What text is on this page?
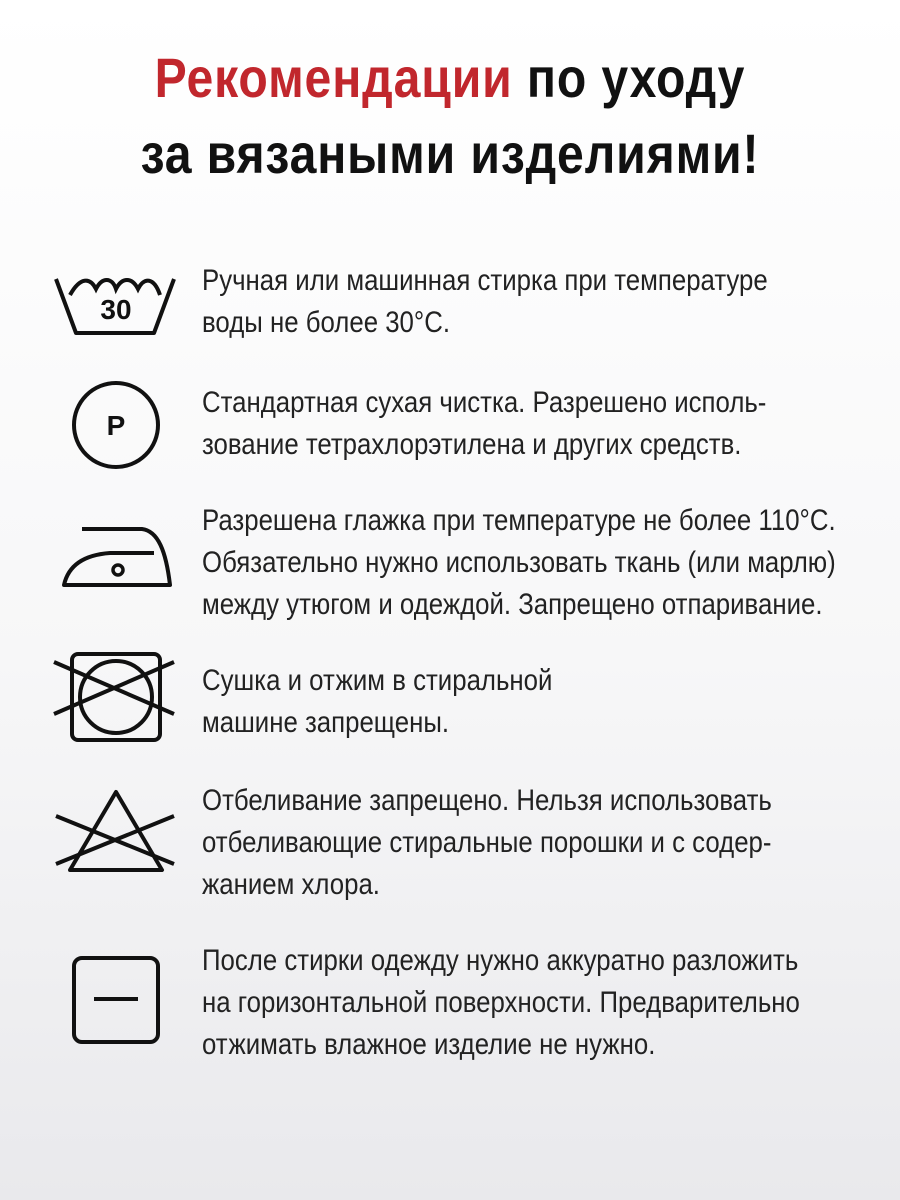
Рекомендации по уходу
за вязаными изделиями!
30
Ручная или машинная стирка при температуре
воды не более 30°С.
P
Стандартная сухая чистка. Разрешено исполь-
зование тетрахлорэтилена и других средств.
Разрешена глажка при температуре не более 110°С.
Обязательно нужно использовать ткань (или марлю)
между утюгом и одеждой. Запрещено отпаривание.
Сушка и отжим в стиральной
машине запрещены.
Отбеливание запрещено. Нельзя использовать
отбеливающие стиральные порошки и с содер-
жанием хлора.
После стирки одежду нужно аккуратно разложить
на горизонтальной поверхности. Предварительно
отжимать влажное изделие не нужно.
